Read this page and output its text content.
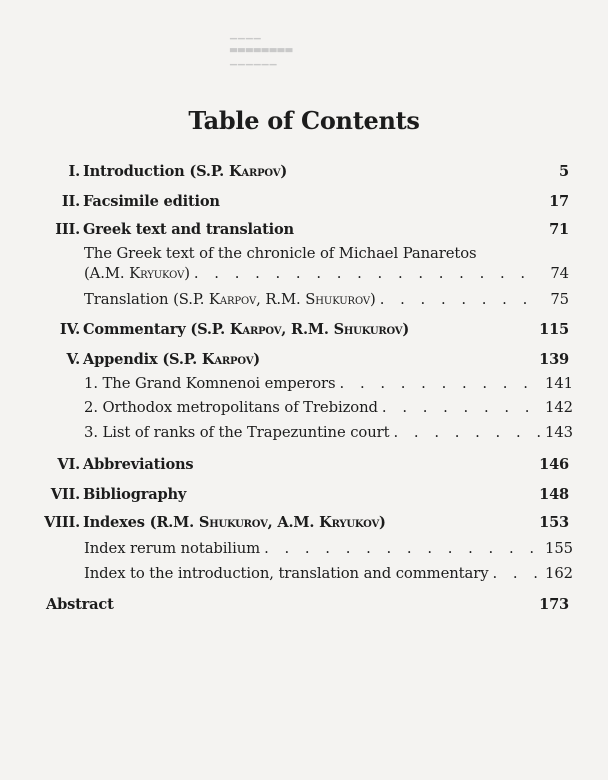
▁▁▁▁
▃▃▃▃▃▃▃▃
▁▁▁▁▁▁
Table of Contents
I. Introduction (S.P. Karpov)	5
II. Facsimile edition	17
III. Greek text and translation	71
The Greek text of the chronicle of Michael Panaretos
(A.M. Kryukov) . . .	74
Translation (S.P. Karpov, R.M. Shukurov) . . .	75
IV. Commentary (S.P. Karpov, R.M. Shukurov)	115
V. Appendix (S.P. Karpov)	139
1. The Grand Komnenoi emperors . . .	141
2. Orthodox metropolitans of Trebizond . . .	142
3. List of ranks of the Trapezuntine court . . .	143
VI. Abbreviations	146
VII. Bibliography	148
VIII. Indexes (R.M. Shukurov, A.M. Kryukov)	153
Index rerum notabilium . . .	155
Index to the introduction, translation and commentary . . .	162
Abstract	173
